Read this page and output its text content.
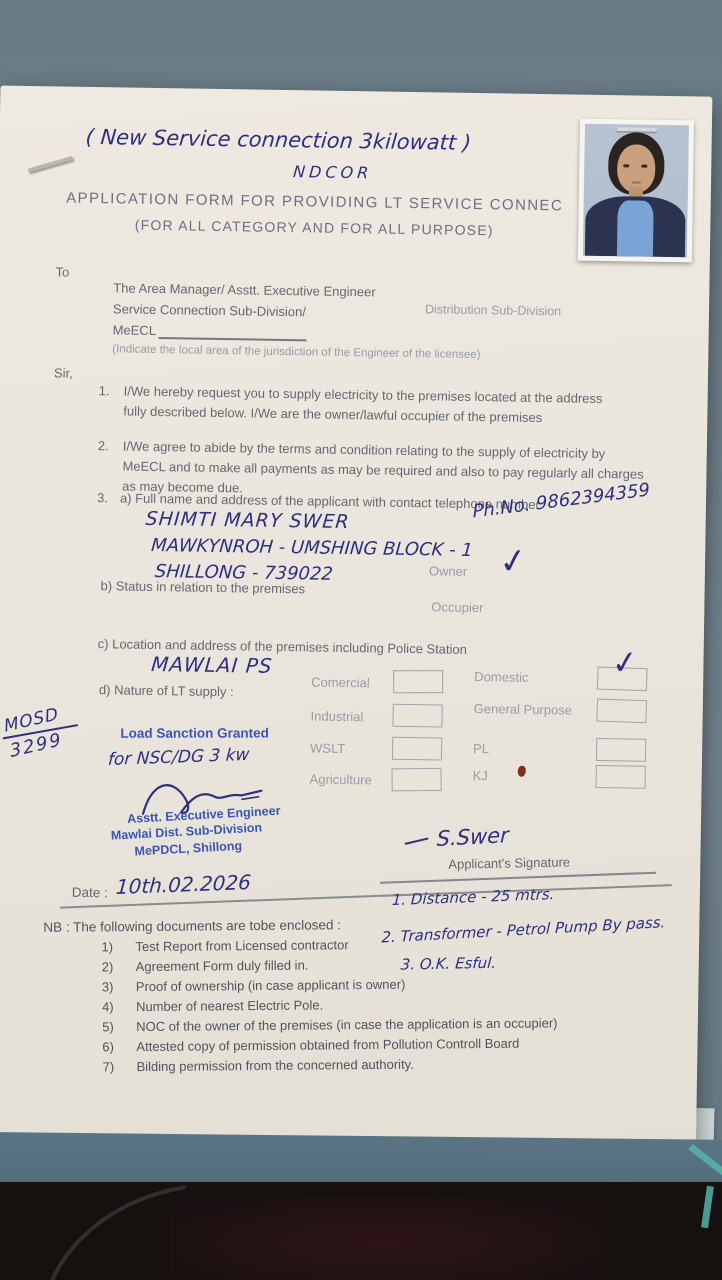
( New Service connection 3kilowatt )
NDCOR
APPLICATION FORM FOR PROVIDING LT SERVICE CONNEC
(FOR ALL CATEGORY AND FOR ALL PURPOSE)
To
The Area Manager/ Asstt. Executive Engineer
Service Connection Sub-Division/	Distribution Sub-Division
MeECL
(Indicate the local area of the jurisdiction of the Engineer of the licensee)
Sir,
1. I/We hereby request you to supply electricity to the premises located at the address
fully described below. I/We are the owner/lawful occupier of the premises
2. I/We agree to abide by the terms and condition relating to the supply of electricity by
MeECL and to make all payments as may be required and also to pay regularly all charges
as may become due.
3. a) Full name and address of the applicant with contact telephone number
SHIMTI MARY SWER
MAWKYNROH - UMSHING BLOCK - 1
SHILLONG - 739022
Ph.No. 9862394359
b) Status in relation to the premises
Owner ✓
Occupier
c) Location and address of the premises including Police Station
MAWLAI PS
d) Nature of LT supply :	Comercial	Domestic	✓
Industrial	General Purpose
WSLT	PL
Agriculture	KJ
MOSD
3299	Load Sanction Granted
for NSC/DG 3 kw
Asstt. Executive Engineer
Mawlai Dist. Sub-Division
MePDCL, Shillong	S.Swer
Applicant's Signature
Date : 10th.02.2026	1. Distance - 25 mtrs.
2. Transformer - Petrol Pump By pass.
3. O.K. Esful.
NB : The following documents are tobe enclosed :
1) Test Report from Licensed contractor
2) Agreement Form duly filled in.
3) Proof of ownership (in case applicant is owner)
4) Number of nearest Electric Pole.
5) NOC of the owner of the premises (in case the application is an occupier)
6) Attested copy of permission obtained from Pollution Controll Board
7) Bilding permission from the concerned authority.
